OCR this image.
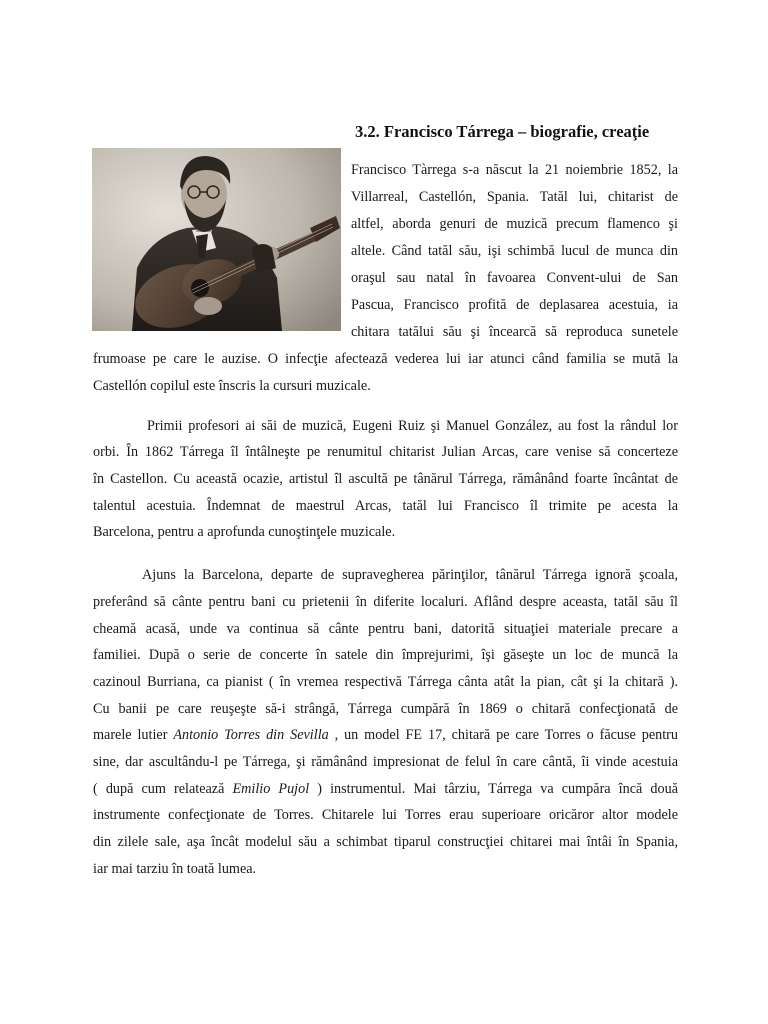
3.2. Francisco Tárrega – biografie, creaţie
Francisco Tàrrega s-a născut la 21 noiembrie 1852, la
Villarreal, Castellón, Spania. Tatăl lui, chitarist de
altfel, aborda genuri de muzică precum flamenco şi
altele. Când tatăl său, işi schimbă lucul de munca din
oraşul sau natal în favoarea Convent-ului de San
Pascua, Francisco profită de deplasarea acestuia, ia
chitara tatălui său şi încearcă să reproduca sunetele
frumoase pe care le auzise. O infecţie afectează vederea lui iar atunci când familia se mută la
Castellón copilul este înscris la cursuri muzicale.
Primii profesori ai săi de muzică, Eugeni Ruiz şi Manuel González, au fost la rândul lor
orbi. În 1862 Tárrega îl întâlneşte pe renumitul chitarist Julian Arcas, care venise să concerteze
în Castellon. Cu această ocazie, artistul îl ascultă pe tânărul Tárrega, rămânând foarte încântat de
talentul acestuia. Îndemnat de maestrul Arcas, tatăl lui Francisco îl trimite pe acesta la
Barcelona, pentru a aprofunda cunoştinţele muzicale.
Ajuns la Barcelona, departe de supravegherea părinţilor, tânărul Tárrega ignoră şcoala,
preferând să cânte pentru bani cu prietenii în diferite localuri. Aflând despre aceasta, tatăl său îl
cheamă acasă, unde va continua să cânte pentru bani, datorită situaţiei materiale precare a
familiei. După o serie de concerte în satele din împrejurimi, îşi găseşte un loc de muncă la
cazinoul Burriana, ca pianist ( în vremea respectivă Tárrega cânta atât la pian, cât şi la chitară ).
Cu banii pe care reuşeşte să-i strângă, Tárrega cumpără în 1869 o chitară confecţionată de
marele lutier Antonio Torres din Sevilla , un model FE 17, chitară pe care Torres o făcuse pentru
sine, dar ascultându-l pe Tárrega, şi rămânând impresionat de felul în care cântă, îi vinde acestuia
( după cum relatează Emilio Pujol ) instrumentul. Mai târziu, Tárrega va cumpăra încă două
instrumente confecţionate de Torres. Chitarele lui Torres erau superioare oricăror altor modele
din zilele sale, aşa încât modelul său a schimbat tiparul construcţiei chitarei mai întâi în Spania,
iar mai tarziu în toată lumea.
